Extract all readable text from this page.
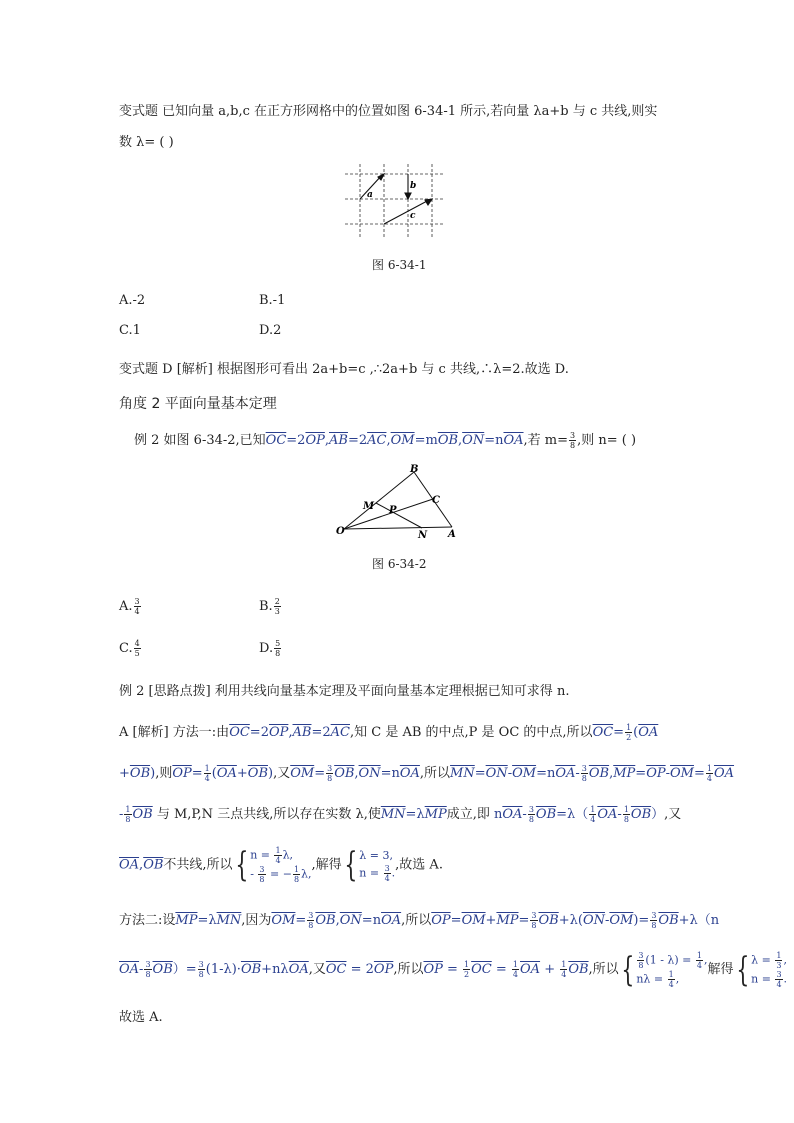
变式题 已知向量 a,b,c 在正方形网格中的位置如图 6-34-1 所示,若向量 λa+b 与 c 共线,则实
数 λ= ( )
a
b
c
图 6-34-1
A.-2	B.-1
C.1	D.2
变式题 D [解析] 根据图形可看出 2a+b=c ,∴2a+b 与 c 共线,∴λ=2.故选 D.
角度 2 平面向量基本定理
例 2 如图 6-34-2,已知$\overline{OC}=2\overline{OP},\overline{AB}=2\overline{AC},\overline{OM}=m\overline{OB},\overline{ON}=n\overline{OA}$,若 $m= \frac{3}{8}$ ,则 n= ( )
O	A
B
C
M
N
P
图 6-34-2
A. $\frac{3}{4}$	B. $\frac{2}{3}$
C. $\frac{4}{5}$	D. $\frac{5}{8}$
例 2 [思路点拨] 利用共线向量基本定理及平面向量基本定理根据已知可求得 n.
A [解析] 方法一:由$\overline{OC}=2\overline{OP},\overline{AB}=2\overline{AC}$,知 C 是 AB 的中点,P 是 OC 的中点,所以$\overline{OC}= \frac{1}{2} (\overline{OA}$
$+\overline{OB}$),则$\overline{OP}= \frac{1}{4} (\overline{OA}+\overline{OB})$,又$\overline{OM}= \frac{3}{8} \overline{OB},\overline{ON}=n\overline{OA}$,所以$\overline{MN}=\overline{ON}-\overline{OM}=n\overline{OA}- \frac{3}{8} \overline{OB},\overline{MP}=\overline{OP}-\overline{OM}= \frac{1}{4} \overline{OA}$
- $\frac{1}{8} \overline{OB}$ 与 M,P,N 三点共线,所以存在实数 λ,使$\overline{MN}=\lambda\overline{MP}$成立,即 $n\overline{OA}- \frac{3}{8} \overline{OB}=\lambda( \frac{1}{4} \overline{OA}- \frac{1}{8} \overline{OB})$,又
$\overline{OA},\overline{OB}$不共线,所以{ $n = \frac{1}{4} \lambda$,
- $\frac{3}{8}$ = − $\frac{1}{8} \lambda$,
,解得{ λ = 3,
$n = \frac{3}{4}$ .
,故选 A.
方法二:设$\overline{MP}=\lambda\overline{MN}$,因为$\overline{OM}= \frac{3}{8} \overline{OB},\overline{ON}=n\overline{OA}$,所以$\overline{OP}=\overline{OM}+\overline{MP}= \frac{3}{8} \overline{OB}+\lambda(\overline{ON}-\overline{OM})= \frac{3}{8} \overline{OB}+\lambda(n$
$\overline{OA}- \frac{3}{8} \overline{OB})= \frac{3}{8} (1-\lambda)\cdot\overline{OB}+n\lambda\overline{OA}$,又$\overline{OC} = 2\overline{OP}$,所以$\overline{OP} = \frac{1}{2} \overline{OC} = \frac{1}{4} \overline{OA} + \frac{1}{4} \overline{OB}$,所以{ $\frac{3}{8} (1 - \lambda) = \frac{1}{4}$ ,
$n\lambda = \frac{1}{4}$ ,
解得{ $\lambda = \frac{1}{3}$ ,
$n = \frac{3}{4}$ .
故选 A.
